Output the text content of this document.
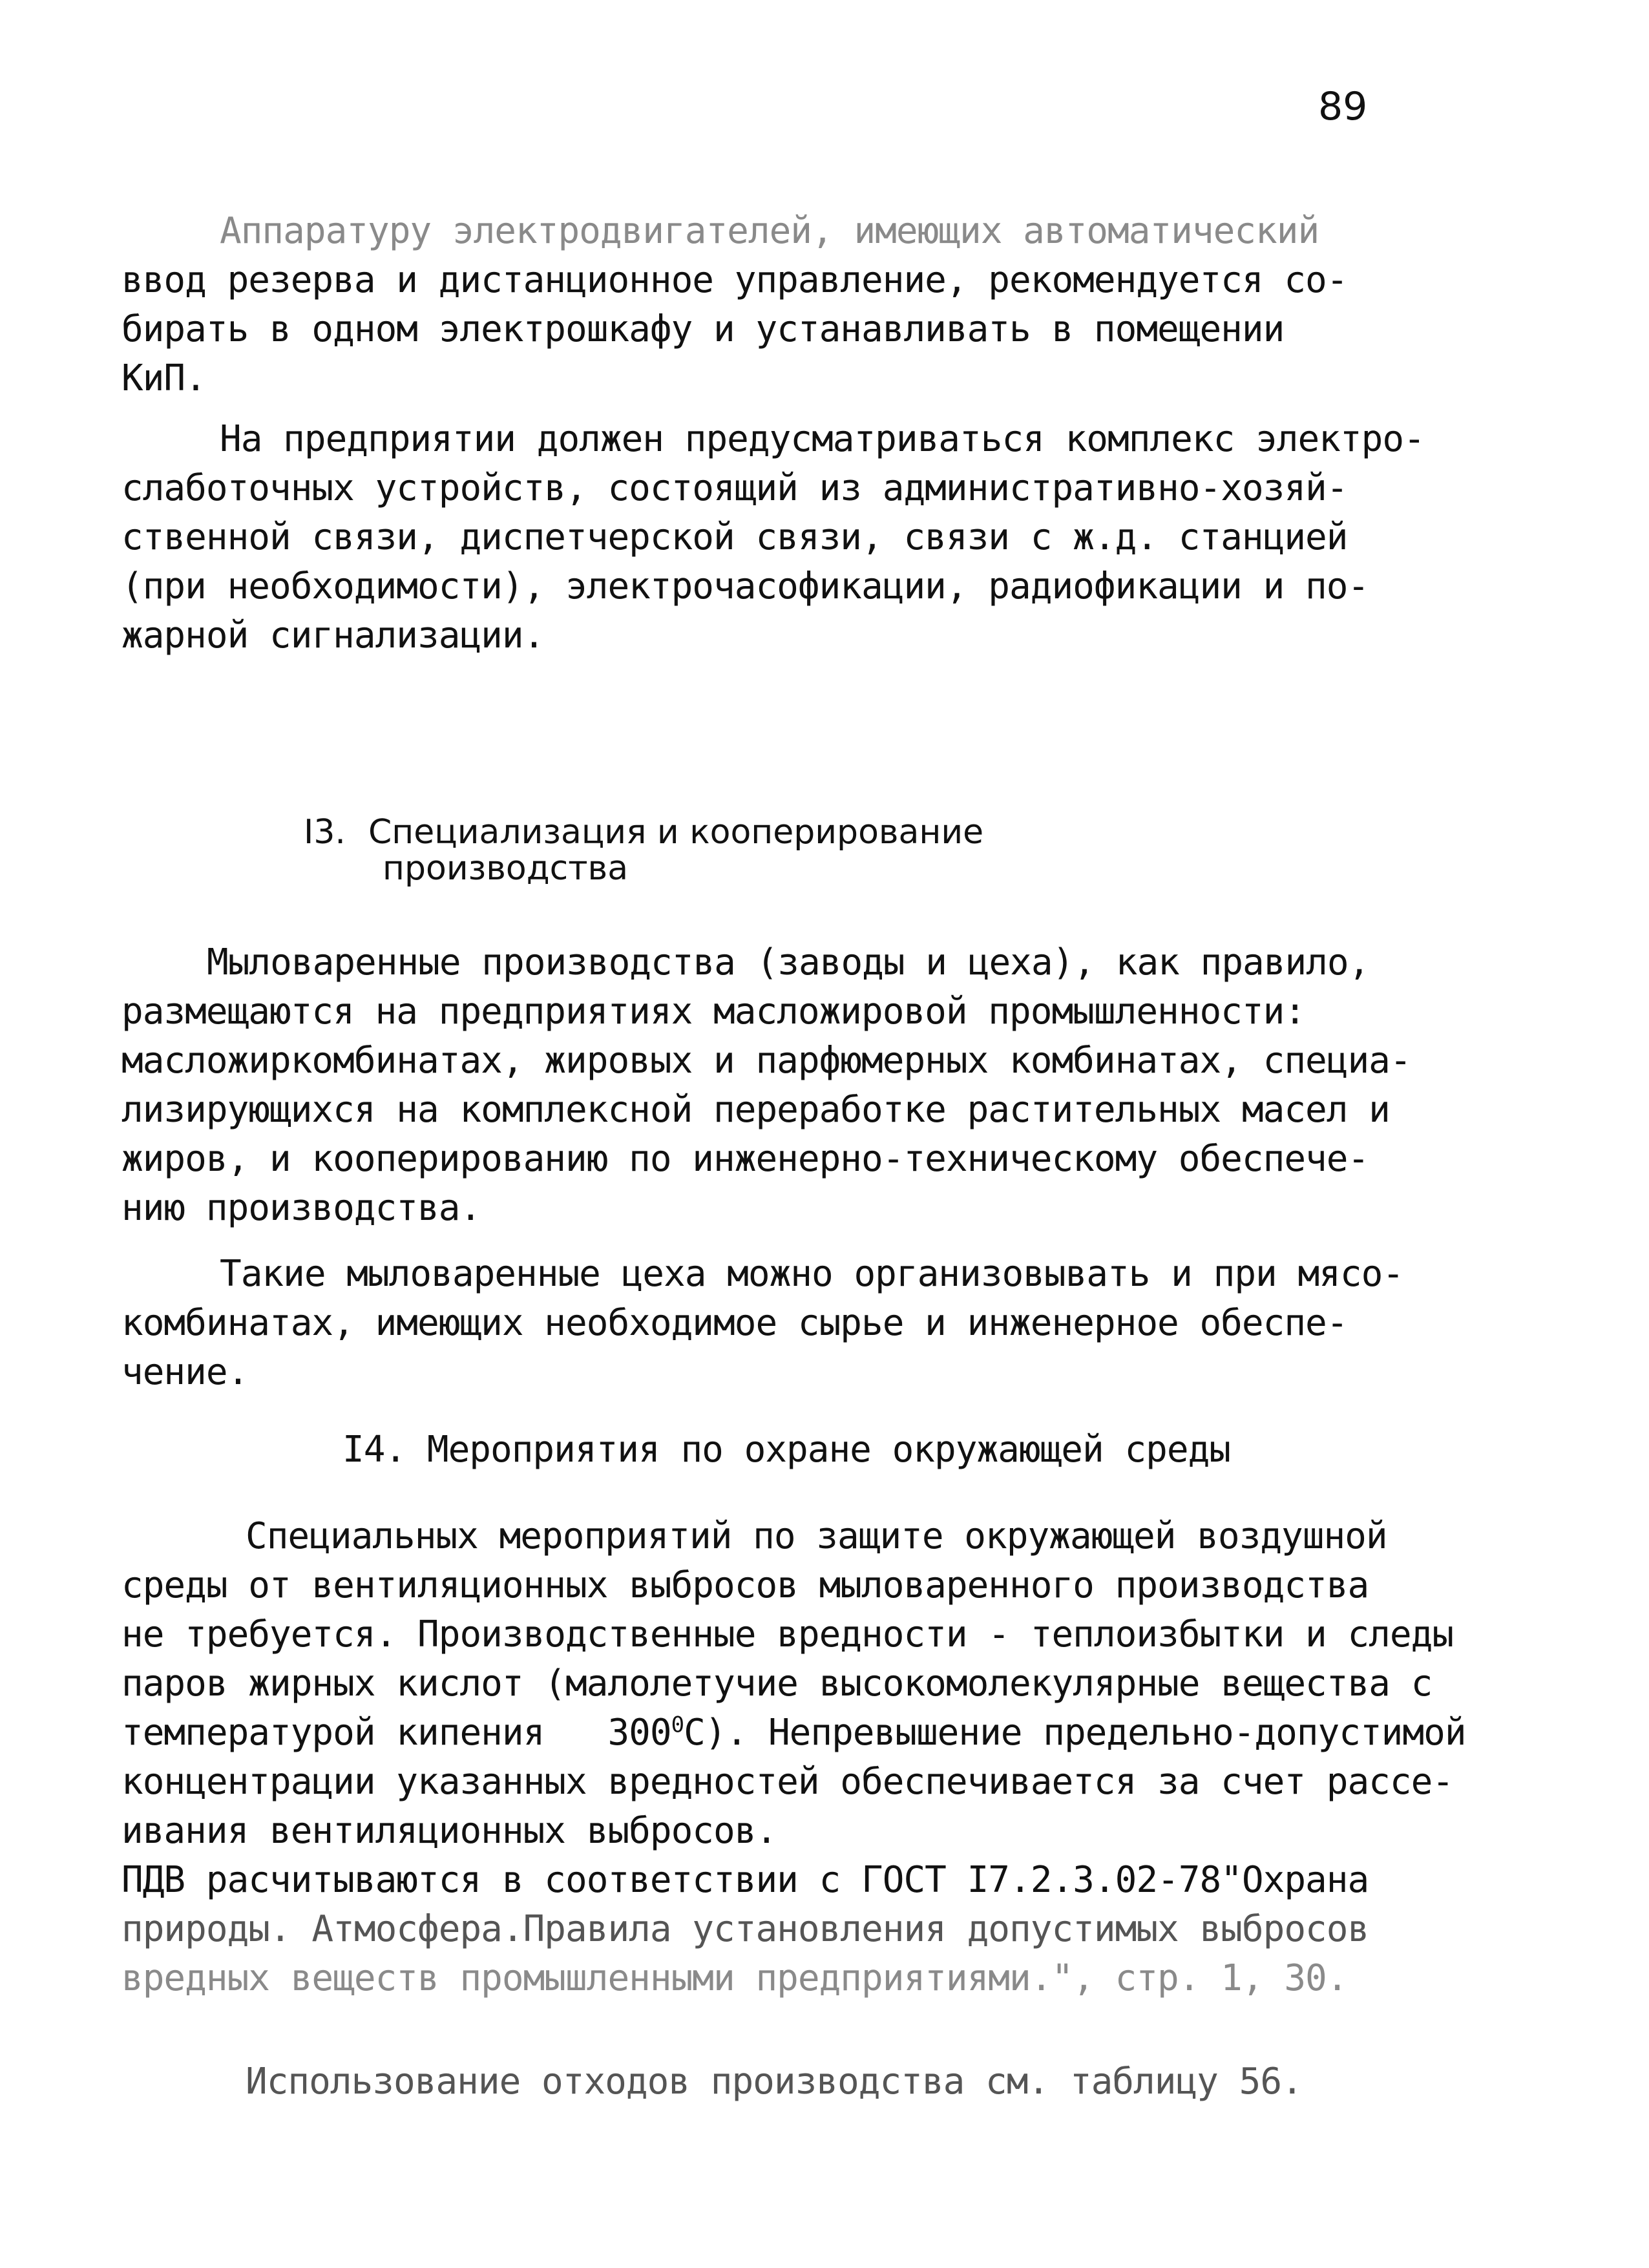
89
Аппаратуру электродвигателей, имеющих автоматический
ввод резерва и дистанционное управление, рекомендуется со-
бирать в одном электрошкафу и устанавливать в помещении
КиП.
На предприятии должен предусматриваться комплекс электро-
слаботочных устройств, состоящий из административно-хозяй-
ственной связи, диспетчерской связи, связи с ж.д. станцией
(при необходимости), электрочасофикации, радиофикации и по-
жарной сигнализации.
I3. Специализация и кооперирование
производства
Мыловаренные производства (заводы и цеха), как правило,
размещаются на предприятиях масложировой промышленности:
масложиркомбинатах, жировых и парфюмерных комбинатах, специа-
лизирующихся на комплексной переработке растительных масел и
жиров, и кооперированию по инженерно-техническому обеспече-
нию производства.
Такие мыловаренные цеха можно организовывать и при мясо-
комбинатах, имеющих необходимое сырье и инженерное обеспе-
чение.
I4. Мероприятия по охране окружающей среды
Специальных мероприятий по защите окружающей воздушной
среды от вентиляционных выбросов мыловаренного производства
не требуется. Производственные вредности - теплоизбытки и следы
паров жирных кислот (малолетучие высокомолекулярные вещества с
температурой кипения   $300^0С$). Непревышение предельно-допустимой
концентрации указанных вредностей обеспечивается за счет рассе-
ивания вентиляционных выбросов.
ПДВ расчитываются в соответствии с ГОСТ I7.2.3.02-78"Охрана
природы. Атмосфера.Правила установления допустимых выбросов
вредных веществ промышленными предприятиями.", стр. 1, 30.
Использование отходов производства см. таблицу 56.
